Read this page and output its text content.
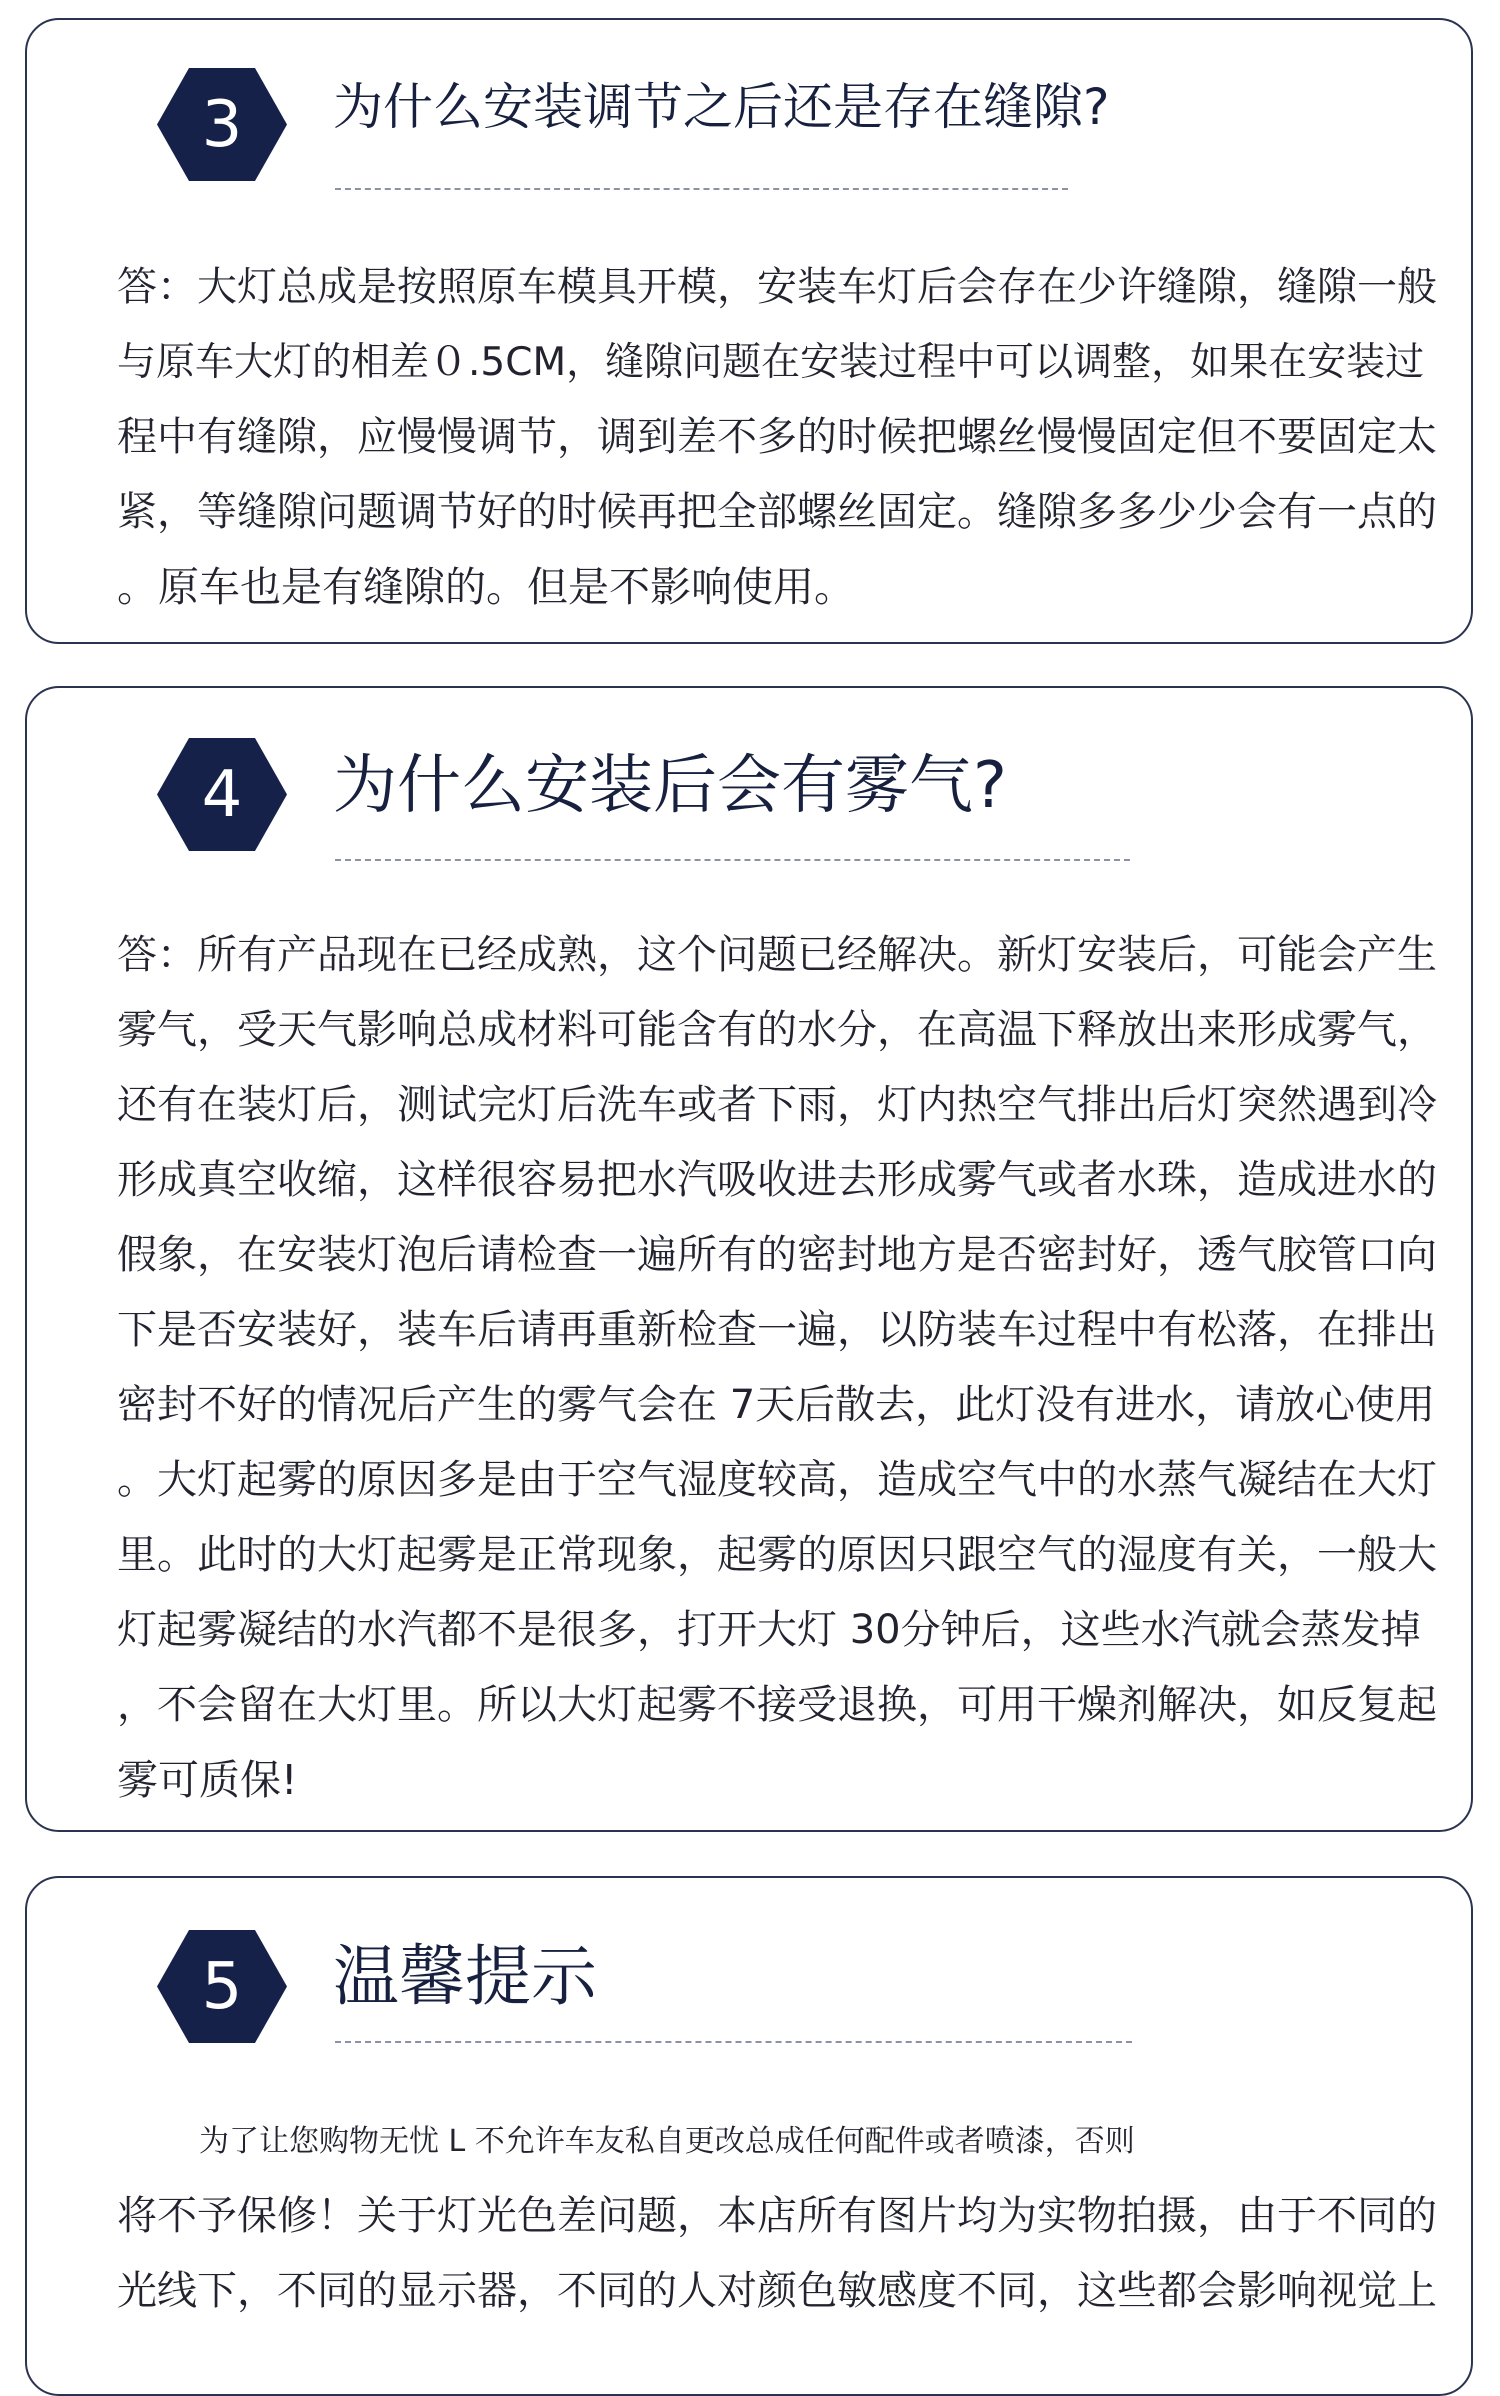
3	为什么安装调节之后还是存在缝隙?

答：大灯总成是按照原车模具开模，安装车灯后会存在少许缝隙，缝隙一般
与原车大灯的相差０.5CM，缝隙问题在安装过程中可以调整，如果在安装过
程中有缝隙，应慢慢调节，调到差不多的时候把螺丝慢慢固定但不要固定太
紧，等缝隙问题调节好的时候再把全部螺丝固定。缝隙多多少少会有一点的
。原车也是有缝隙的。但是不影响使用。

4	为什么安装后会有雾气?

答：所有产品现在已经成熟，这个问题已经解决。新灯安装后，可能会产生
雾气，受天气影响总成材料可能含有的水分，在高温下释放出来形成雾气，
还有在装灯后，测试完灯后洗车或者下雨，灯内热空气排出后灯突然遇到冷
形成真空收缩，这样很容易把水汽吸收进去形成雾气或者水珠，造成进水的
假象，在安装灯泡后请检查一遍所有的密封地方是否密封好，透气胶管口向
下是否安装好，装车后请再重新检查一遍，以防装车过程中有松落，在排出
密封不好的情况后产生的雾气会在 7天后散去，此灯没有进水，请放心使用
。大灯起雾的原因多是由于空气湿度较高，造成空气中的水蒸气凝结在大灯
里。此时的大灯起雾是正常现象，起雾的原因只跟空气的湿度有关，一般大
灯起雾凝结的水汽都不是很多，打开大灯 30分钟后，这些水汽就会蒸发掉
，不会留在大灯里。所以大灯起雾不接受退换，可用干燥剂解决，如反复起
雾可质保!

5	温馨提示

为了让您购物无忧 L 不允许车友私自更改总成任何配件或者喷漆，否则
将不予保修！关于灯光色差问题，本店所有图片均为实物拍摄，由于不同的
光线下，不同的显示器，不同的人对颜色敏感度不同，这些都会影响视觉上
